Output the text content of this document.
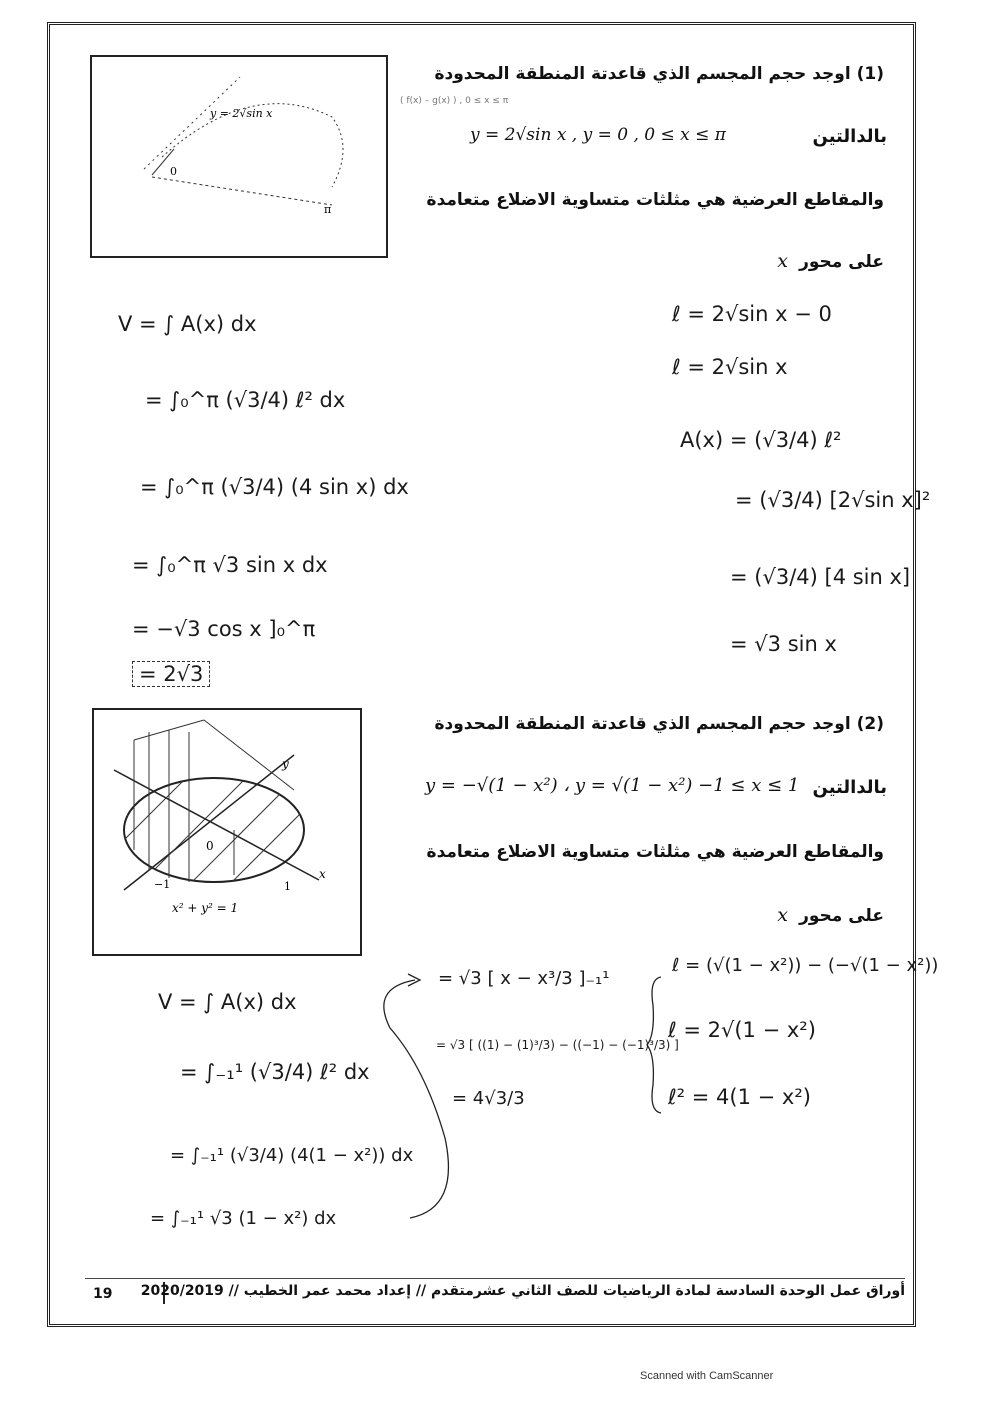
y = 2√sin x
0
π
(1) اوجد حجم المجسم الذي قاعدتة المنطقة المحدودة
( f(x) – g(x) ) , 0 ≤ x ≤ π
بالدالتين
y = 2√sin x , y = 0 , 0 ≤ x ≤ π
والمقاطع العرضية هي مثلثات متساوية الاضلاع متعامدة
على محور x
V = ∫ A(x) dx
= ∫₀^π (√3/4) ℓ² dx
= ∫₀^π (√3/4) (4 sin x) dx
= ∫₀^π √3 sin x dx
= −√3 cos x ]₀^π
= 2√3
ℓ = 2√sin x − 0
ℓ = 2√sin x
A(x) = (√3/4) ℓ²
= (√3/4) [2√sin x]²
= (√3/4) [4 sin x]
= √3 sin x
y
x
0
−1	1
x² + y² = 1
(2) اوجد حجم المجسم الذي قاعدتة المنطقة المحدودة
بالدالتين
y = −√(1 − x²) ، y = √(1 − x²) −1 ≤ x ≤ 1
والمقاطع العرضية هي مثلثات متساوية الاضلاع متعامدة
على محور x
V = ∫ A(x) dx
= ∫₋₁¹ (√3/4) ℓ² dx
= ∫₋₁¹ (√3/4) (4(1 − x²)) dx
= ∫₋₁¹ √3 (1 − x²) dx
= √3 [ x − x³/3 ]₋₁¹
= √3 [ ((1) − (1)³/3) − ((−1) − (−1)³/3) ]
= 4√3/3
ℓ = (√(1 − x²)) − (−√(1 − x²))
ℓ = 2√(1 − x²)
ℓ² = 4(1 − x²)
19 أوراق عمل الوحدة السادسة لمادة الرياضيات للصف الثاني عشرمتقدم // إعداد محمد عمر الخطيب // 2020/2019
Scanned with CamScanner
